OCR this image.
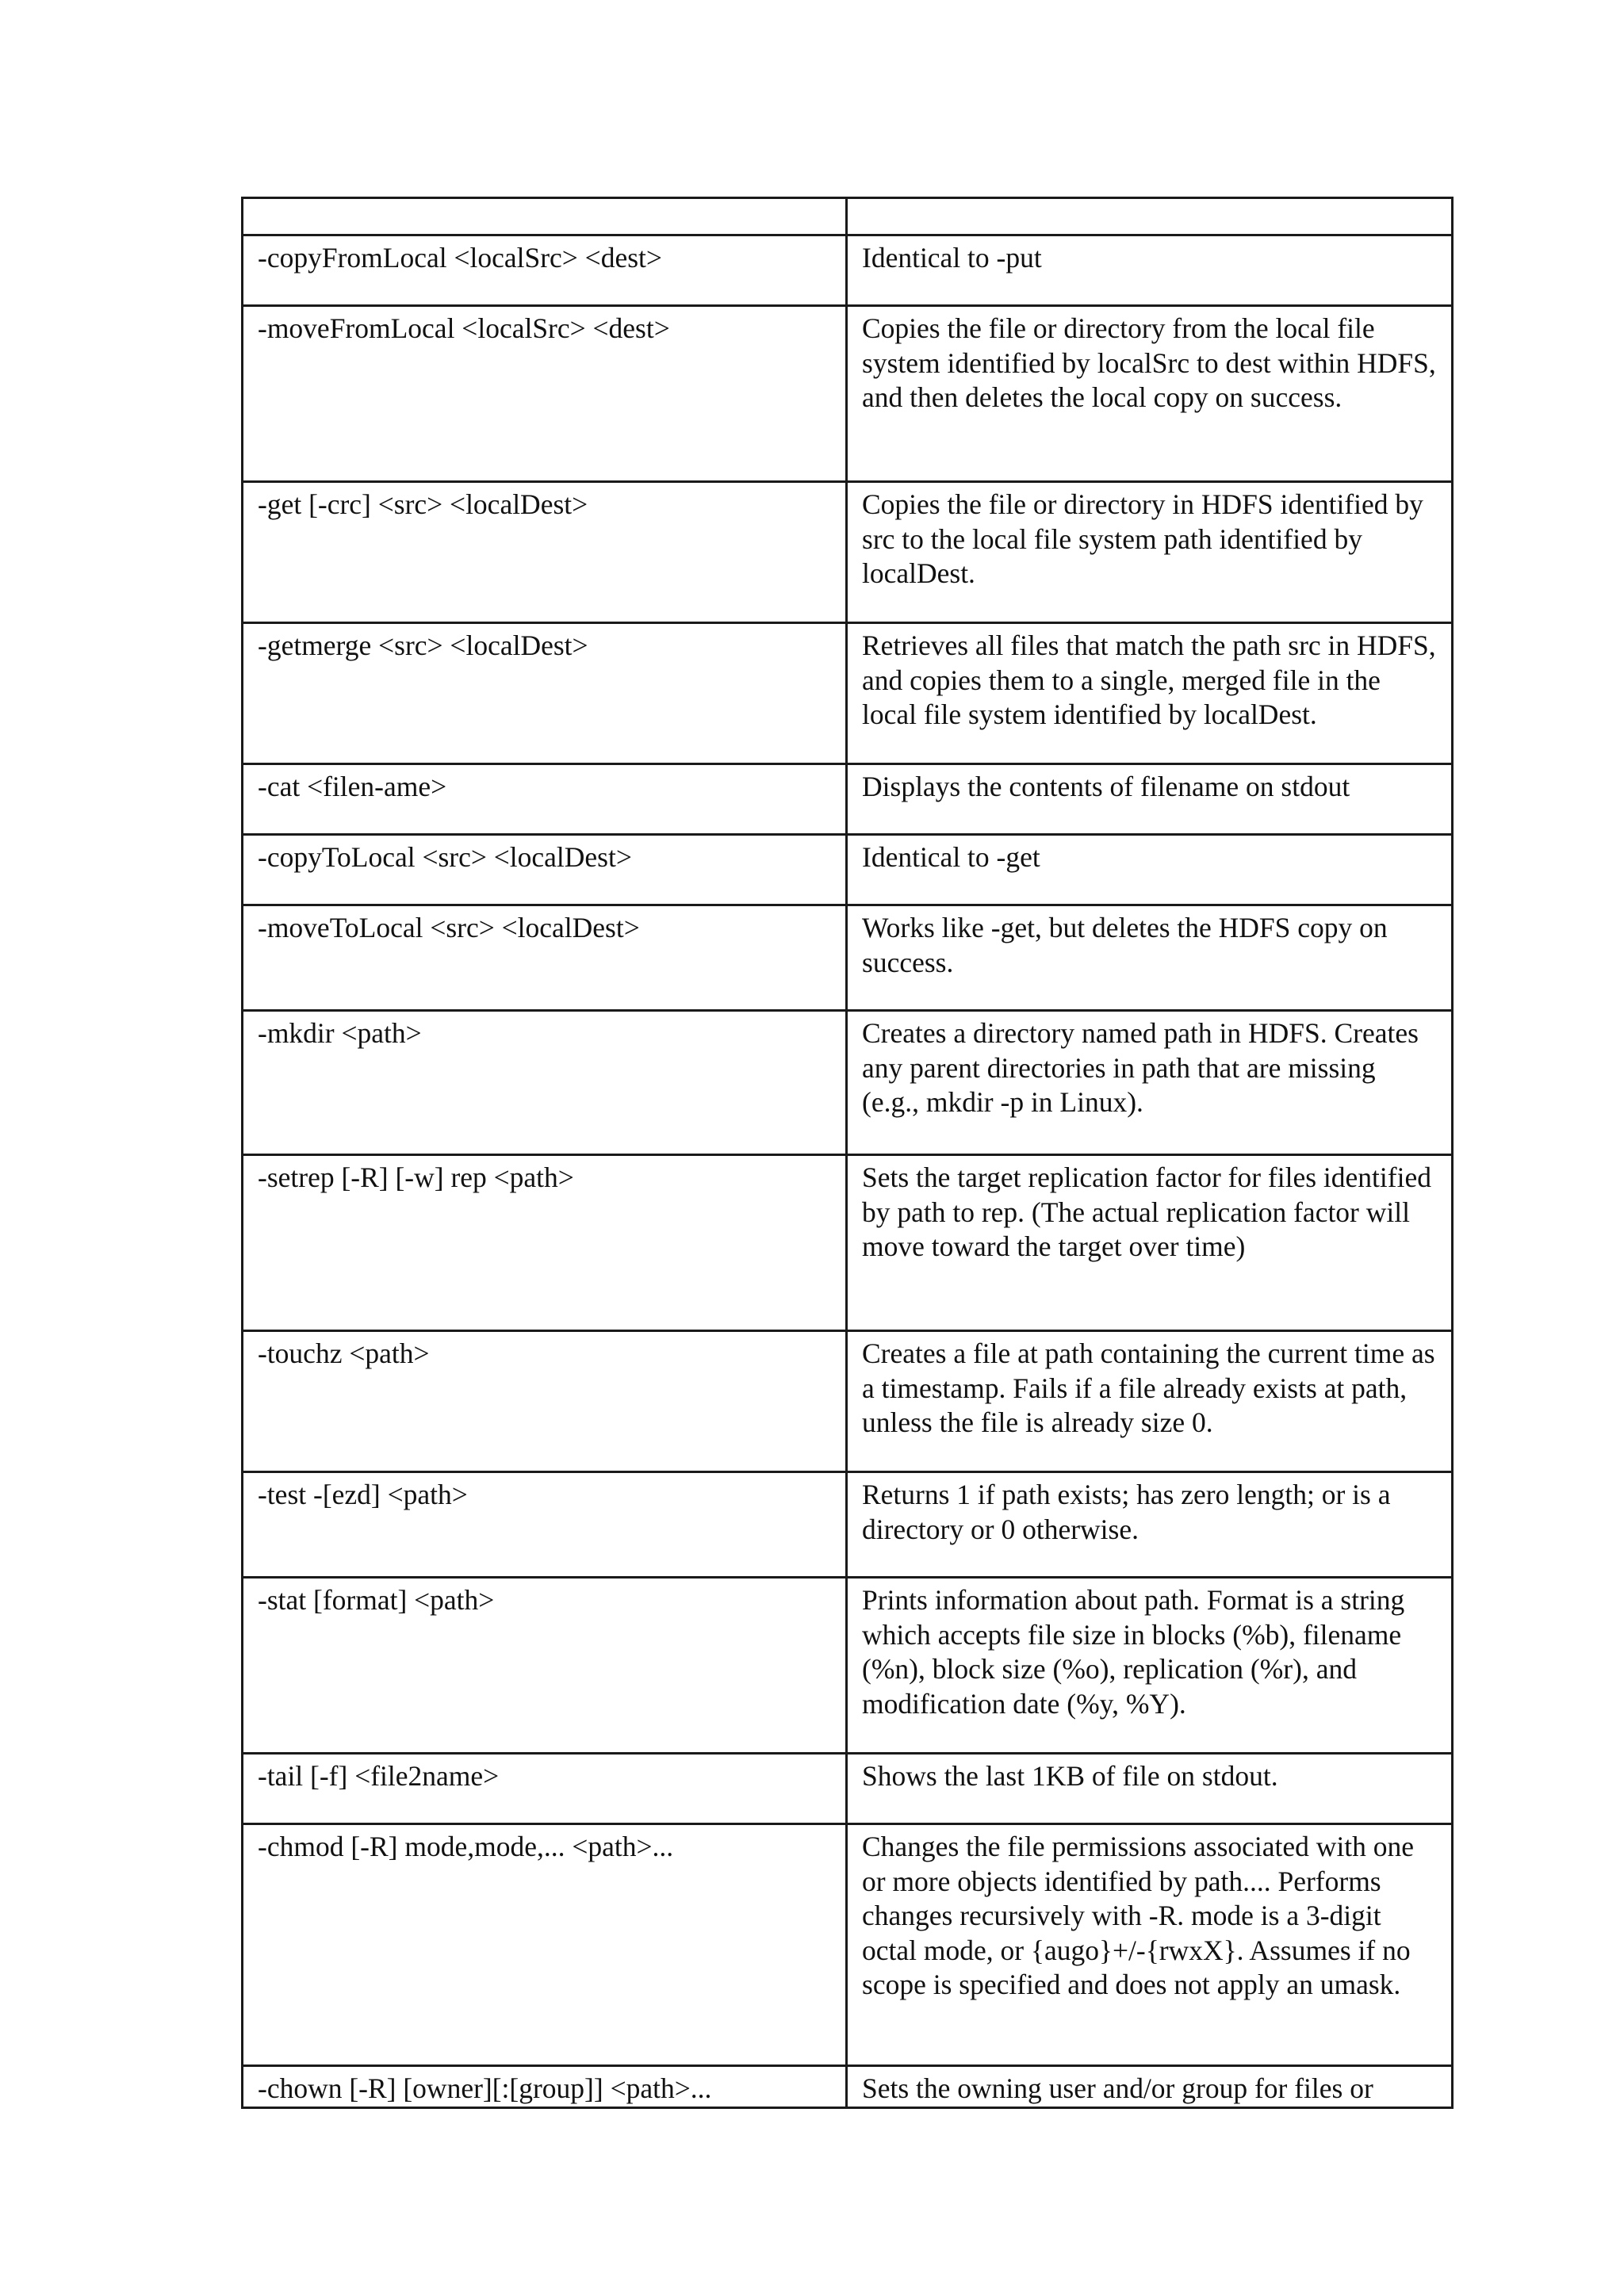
-copyFromLocal <localSrc> <dest>	Identical to -put
-moveFromLocal <localSrc> <dest>	Copies the file or directory from the local file system identified by localSrc to dest within HDFS, and then deletes the local copy on success.
-get [-crc] <src> <localDest>	Copies the file or directory in HDFS identified by src to the local file system path identified by localDest.
-getmerge <src> <localDest>	Retrieves all files that match the path src in HDFS, and copies them to a single, merged file in the local file system identified by localDest.
-cat <filen-ame>	Displays the contents of filename on stdout
-copyToLocal <src> <localDest>	Identical to -get
-moveToLocal <src> <localDest>	Works like -get, but deletes the HDFS copy on success.
-mkdir <path>	Creates a directory named path in HDFS. Creates any parent directories in path that are missing (e.g., mkdir -p in Linux).
-setrep [-R] [-w] rep <path>	Sets the target replication factor for files identified by path to rep. (The actual replication factor will move toward the target over time)
-touchz <path>	Creates a file at path containing the current time as a timestamp. Fails if a file already exists at path, unless the file is already size 0.
-test -[ezd] <path>	Returns 1 if path exists; has zero length; or is a directory or 0 otherwise.
-stat [format] <path>	Prints information about path. Format is a string which accepts file size in blocks (%b), filename (%n), block size (%o), replication (%r), and modification date (%y, %Y).
-tail [-f] <file2name>	Shows the last 1KB of file on stdout.
-chmod [-R] mode,mode,... <path>...	Changes the file permissions associated with one or more objects identified by path.... Performs changes recursively with -R. mode is a 3-digit octal mode, or {augo}+/-{rwxX}. Assumes if no scope is specified and does not apply an umask.
-chown [-R] [owner][:[group]] <path>...	Sets the owning user and/or group for files or
